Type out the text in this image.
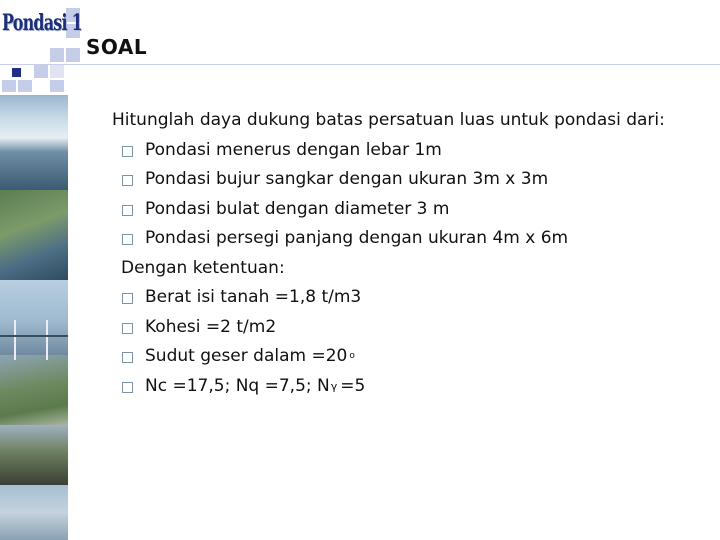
Pondasi 1
SOAL
Hitunglah daya dukung batas persatuan luas untuk pondasi dari:
Pondasi menerus dengan lebar 1m
Pondasi bujur sangkar dengan ukuran 3m x 3m
Pondasi bulat dengan diameter 3 m
Pondasi persegi panjang dengan ukuran 4m x 6m
Dengan ketentuan:
Berat isi tanah =1,8 t/m3
Kohesi =2 t/m2
Sudut geser dalam =20 o
Nc =17,5; Nq =7,5; N γ =5
